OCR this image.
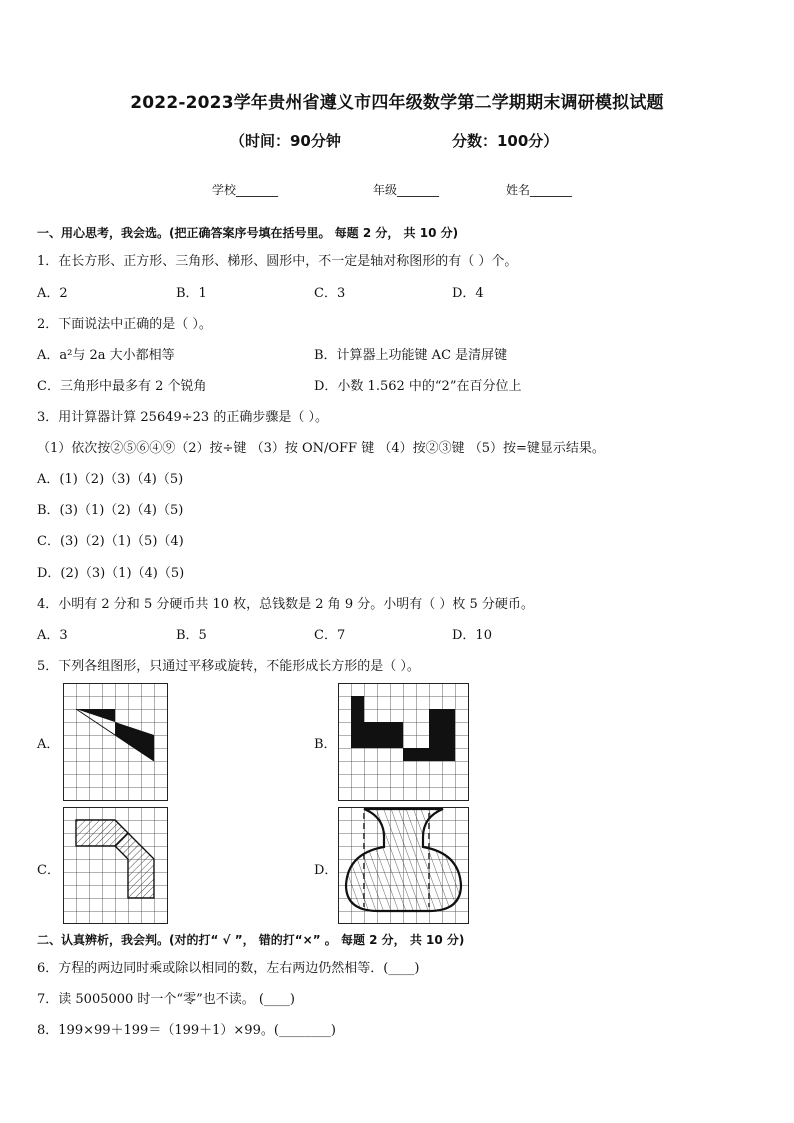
2022-2023学年贵州省遵义市四年级数学第二学期期末调研模拟试题
（时间：90分钟	分数：100分）
学校_______	年级_______	姓名_______
一、用心思考，我会选。(把正确答案序号填在括号里。 每题 2 分， 共 10 分)
1．在长方形、正方形、三角形、梯形、圆形中，不一定是轴对称图形的有（ ）个。
A．2	B．1	C．3	D．4
2．下面说法中正确的是（ ）。
A．a²与 2a 大小都相等	B．计算器上功能键 AC 是清屏键
C．三角形中最多有 2 个锐角	D．小数 1.562 中的“2”在百分位上
3．用计算器计算 25649÷23 的正确步骤是（ ）。
（1）依次按②⑤⑥④⑨（2）按÷键 （3）按 ON/OFF 键 （4）按②③键 （5）按=键显示结果。
A．(1)（2)（3)（4)（5)
B．(3)（1)（2)（4)（5)
C．(3)（2)（1)（5)（4)
D．(2)（3)（1)（4)（5)
4．小明有 2 分和 5 分硬币共 10 枚，总钱数是 2 角 9 分。小明有（ ）枚 5 分硬币。
A．3	B．5	C．7	D．10
5．下列各组图形，只通过平移或旋转，不能形成长方形的是（ ）。
A．	B．
C．	D．
二、认真辨析，我会判。(对的打“ √ ”， 错的打“×” 。 每题 2 分， 共 10 分)
6．方程的两边同时乘或除以相同的数，左右两边仍然相等．(____)
7．读 5005000 时一个“零”也不读。 (____)
8．199×99＋199＝（199＋1）×99。(________)
